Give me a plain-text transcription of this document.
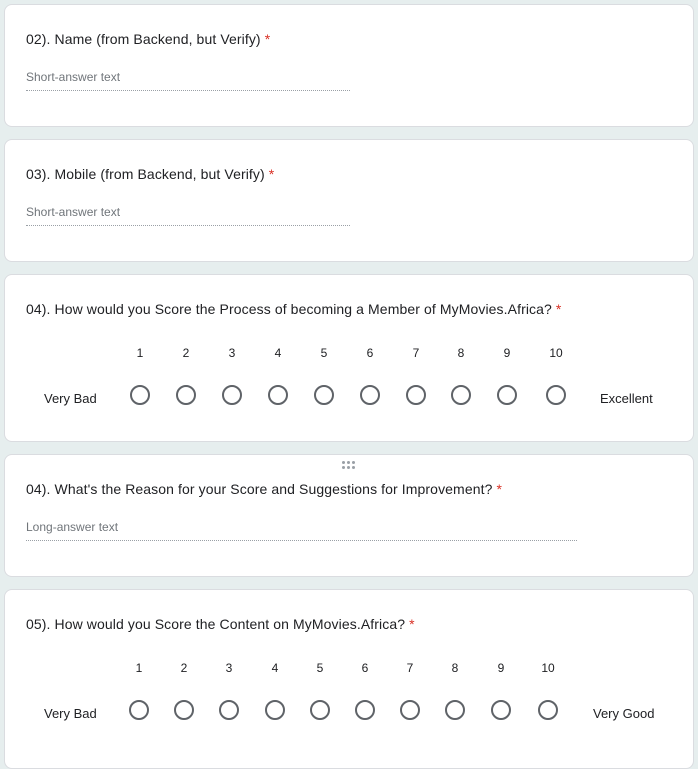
02). Name (from Backend, but Verify) *
Short-answer text
03). Mobile (from Backend, but Verify) *
Short-answer text
04). How would you Score the Process of becoming a Member of MyMovies.Africa? *
Very Bad	Excellent
1	2	3	4	5	6	7	8	9	10
04). What's the Reason for your Score and Suggestions for Improvement? *
Long-answer text
05). How would you Score the Content on MyMovies.Africa? *
Very Bad	Very Good
1	2	3	4	5	6	7	8	9	10
